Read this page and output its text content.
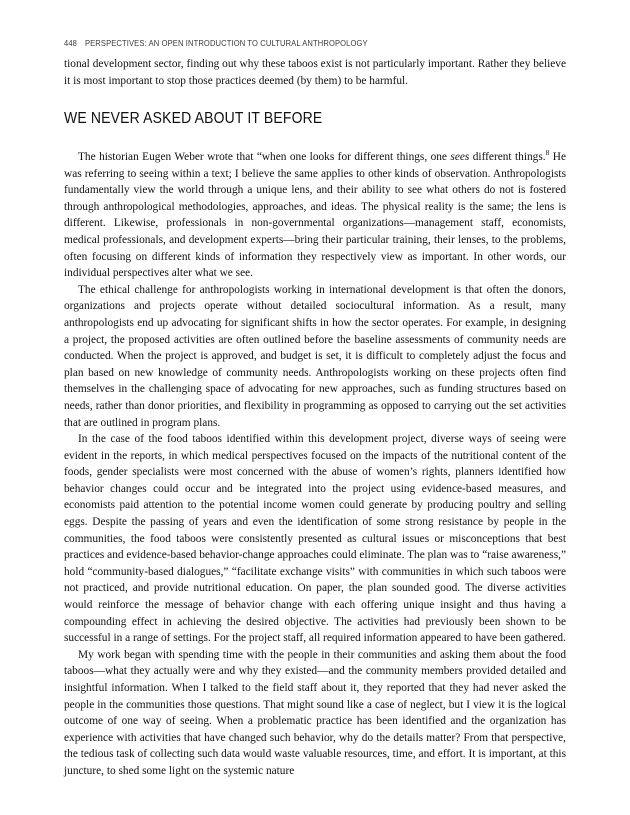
448 PERSPECTIVES: AN OPEN INTRODUCTION TO CULTURAL ANTHROPOLOGY

tional development sector, finding out why these taboos exist is not particularly important. Rather they believe it is most important to stop those practices deemed (by them) to be harmful.

WE NEVER ASKED ABOUT IT BEFORE

The historian Eugen Weber wrote that “when one looks for different things, one sees different things.$^8$ He was referring to seeing within a text; I believe the same applies to other kinds of observation. Anthropologists fundamentally view the world through a unique lens, and their ability to see what others do not is fostered through anthropological methodologies, approaches, and ideas. The physical reality is the same; the lens is different. Likewise, professionals in non-governmental organizations—management staff, economists, medical professionals, and development experts—bring their particular training, their lenses, to the problems, often focusing on different kinds of information they respectively view as important. In other words, our individual perspectives alter what we see.

The ethical challenge for anthropologists working in international development is that often the donors, organizations and projects operate without detailed sociocultural information. As a result, many anthropologists end up advocating for significant shifts in how the sector operates. For example, in designing a project, the proposed activities are often outlined before the baseline assessments of community needs are conducted. When the project is approved, and budget is set, it is difficult to completely adjust the focus and plan based on new knowledge of community needs. Anthropologists working on these projects often find themselves in the challenging space of advocating for new approaches, such as funding structures based on needs, rather than donor priorities, and flexibility in programming as opposed to carrying out the set activities that are outlined in program plans.

In the case of the food taboos identified within this development project, diverse ways of seeing were evident in the reports, in which medical perspectives focused on the impacts of the nutritional content of the foods, gender specialists were most concerned with the abuse of women’s rights, planners identified how behavior changes could occur and be integrated into the project using evidence-based measures, and economists paid attention to the potential income women could generate by producing poultry and selling eggs. Despite the passing of years and even the identification of some strong resistance by people in the communities, the food taboos were consistently presented as cultural issues or misconceptions that best practices and evidence-based behavior-change approaches could eliminate. The plan was to “raise awareness,” hold “community-based dialogues,” “facilitate exchange visits” with communities in which such taboos were not practiced, and provide nutritional education. On paper, the plan sounded good. The diverse activities would reinforce the message of behavior change with each offering unique insight and thus having a compounding effect in achieving the desired objective. The activities had previously been shown to be successful in a range of settings. For the project staff, all required information appeared to have been gathered.

My work began with spending time with the people in their communities and asking them about the food taboos—what they actually were and why they existed—and the community members provided detailed and insightful information. When I talked to the field staff about it, they reported that they had never asked the people in the communities those questions. That might sound like a case of neglect, but I view it is the logical outcome of one way of seeing. When a problematic practice has been identified and the organization has experience with activities that have changed such behavior, why do the details matter? From that perspective, the tedious task of collecting such data would waste valuable resources, time, and effort. It is important, at this juncture, to shed some light on the systemic nature
